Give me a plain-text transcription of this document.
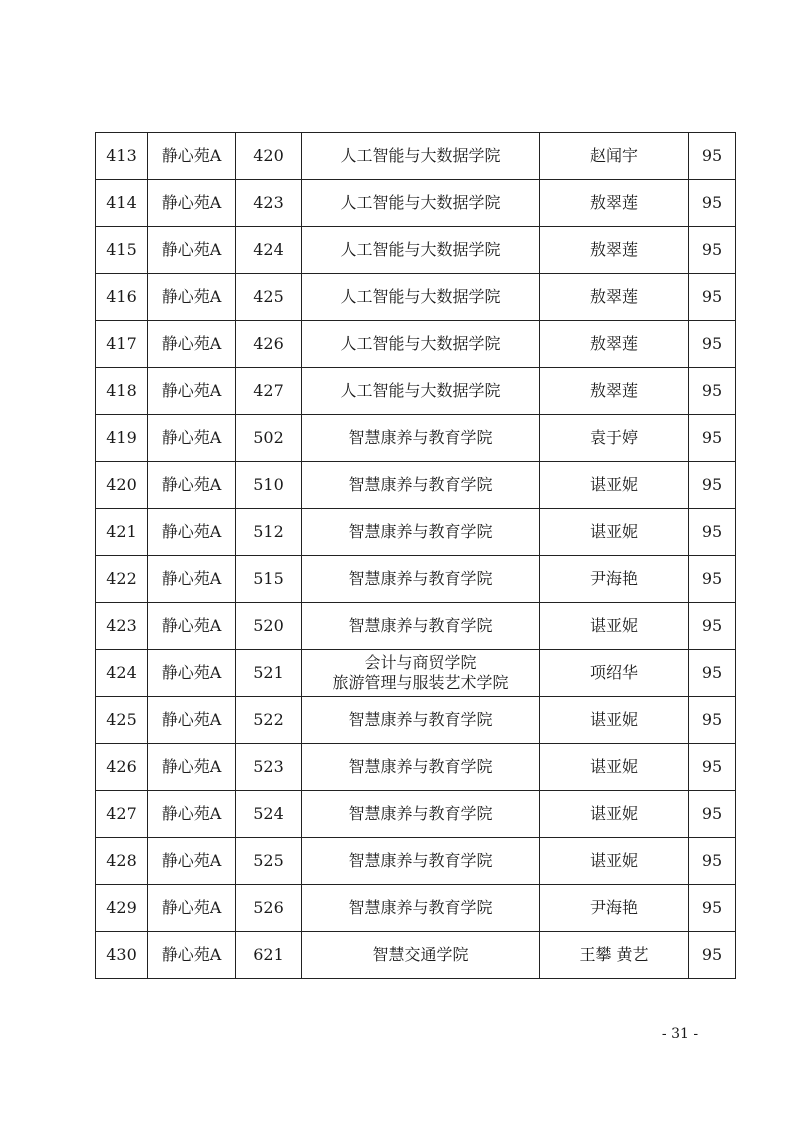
413	静心苑A	420	人工智能与大数据学院	赵闻宇	95
414	静心苑A	423	人工智能与大数据学院	敖翠莲	95
415	静心苑A	424	人工智能与大数据学院	敖翠莲	95
416	静心苑A	425	人工智能与大数据学院	敖翠莲	95
417	静心苑A	426	人工智能与大数据学院	敖翠莲	95
418	静心苑A	427	人工智能与大数据学院	敖翠莲	95
419	静心苑A	502	智慧康养与教育学院	袁于婷	95
420	静心苑A	510	智慧康养与教育学院	谌亚妮	95
421	静心苑A	512	智慧康养与教育学院	谌亚妮	95
422	静心苑A	515	智慧康养与教育学院	尹海艳	95
423	静心苑A	520	智慧康养与教育学院	谌亚妮	95
424	静心苑A	521	会计与商贸学院
旅游管理与服装艺术学院	项绍华	95
425	静心苑A	522	智慧康养与教育学院	谌亚妮	95
426	静心苑A	523	智慧康养与教育学院	谌亚妮	95
427	静心苑A	524	智慧康养与教育学院	谌亚妮	95
428	静心苑A	525	智慧康养与教育学院	谌亚妮	95
429	静心苑A	526	智慧康养与教育学院	尹海艳	95
430	静心苑A	621	智慧交通学院	王攀 黄艺	95
- 31 -
